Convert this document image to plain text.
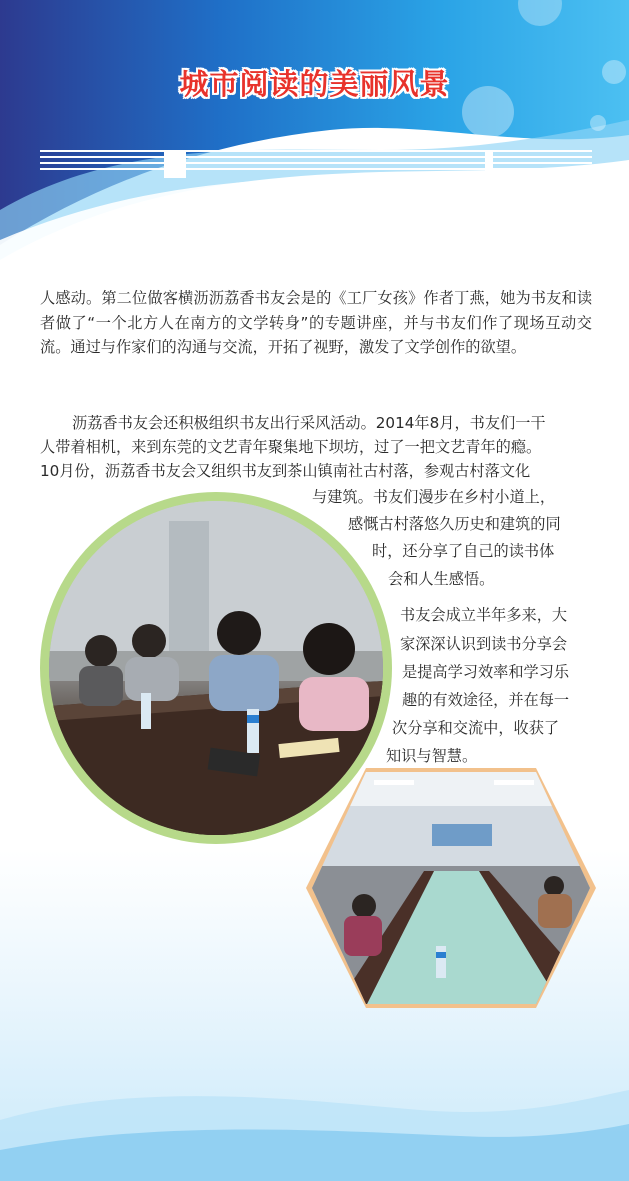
城市阅读的美丽风景
人感动。第二位做客横沥沥荔香书友会是的《工厂女孩》作者丁燕，她为书友和读者做了“一个北方人在南方的文学转身”的专题讲座，并与书友们作了现场互动交流。通过与作家们的沟通与交流，开拓了视野，激发了文学创作的欲望。
沥荔香书友会还积极组织书友出行采风活动。2014年8月，书友们一干
人带着相机，来到东莞的文艺青年聚集地下坝坊，过了一把文艺青年的瘾。
10月份，沥荔香书友会又组织书友到茶山镇南社古村落，参观古村落文化
与建筑。书友们漫步在乡村小道上，
感慨古村落悠久历史和建筑的同
时，还分享了自己的读书体
会和人生感悟。
书友会成立半年多来，大
家深深认识到读书分享会
是提高学习效率和学习乐
趣的有效途径，并在每一
次分享和交流中，收获了
知识与智慧。
